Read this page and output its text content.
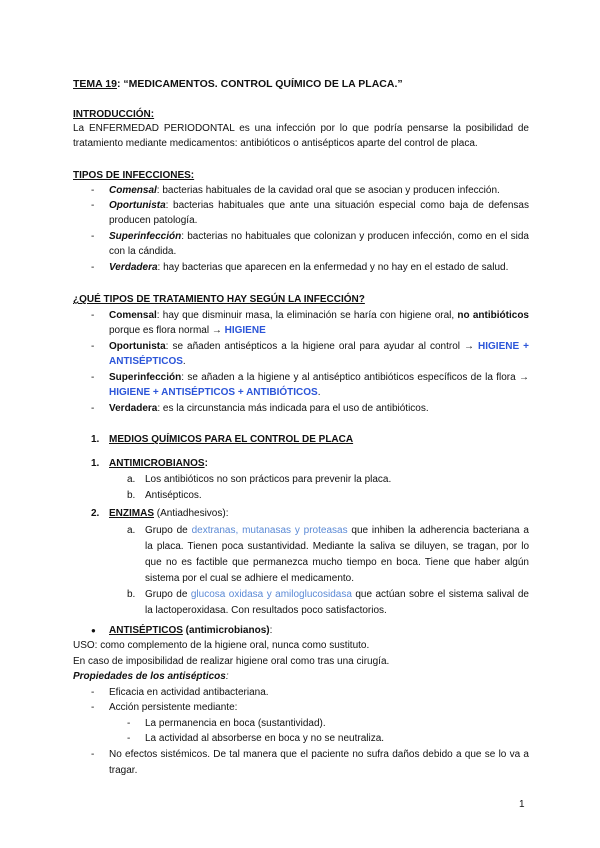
TEMA 19: “MEDICAMENTOS. CONTROL QUÍMICO DE LA PLACA.”
INTRODUCCIÓN:
La ENFERMEDAD PERIODONTAL es una infección por lo que podría pensarse la posibilidad de
tratamiento mediante medicamentos: antibióticos o antisépticos aparte del control de placa.
TIPOS DE INFECCIONES:
- Comensal: bacterias habituales de la cavidad oral que se asocian y producen infección.
- Oportunista: bacterias habituales que ante una situación especial como baja de defensas
producen patología.
- Superinfección: bacterias no habituales que colonizan y producen infección, como en el sida
con la cándida.
- Verdadera: hay bacterias que aparecen en la enfermedad y no hay en el estado de salud.
¿QUÉ TIPOS DE TRATAMIENTO HAY SEGÚN LA INFECCIÓN?
- Comensal: hay que disminuir masa, la eliminación se haría con higiene oral, no antibióticos
porque es flora normal → HIGIENE
- Oportunista: se añaden antisépticos a la higiene oral para ayudar al control → HIGIENE +
ANTISÉPTICOS.
- Superinfección: se añaden a la higiene y al antiséptico antibióticos específicos de la flora →
HIGIENE + ANTISÉPTICOS + ANTIBIÓTICOS.
- Verdadera: es la circunstancia más indicada para el uso de antibióticos.
1. MEDIOS QUÍMICOS PARA EL CONTROL DE PLACA
1. ANTIMICROBIANOS:
a. Los antibióticos no son prácticos para prevenir la placa.
b. Antisépticos.
2. ENZIMAS (Antiadhesivos):
a. Grupo de dextranas, mutanasas y proteasas que inhiben la adherencia bacteriana a
la placa. Tienen poca sustantividad. Mediante la saliva se diluyen, se tragan, por lo
que no es factible que permanezca mucho tiempo en boca. Tiene que haber algún
sistema por el cual se adhiere el medicamento.
b. Grupo de glucosa oxidasa y amiloglucosidasa que actúan sobre el sistema salival de
la lactoperoxidasa. Con resultados poco satisfactorios.
● ANTISÉPTICOS (antimicrobianos):
USO: como complemento de la higiene oral, nunca como sustituto.
En caso de imposibilidad de realizar higiene oral como tras una cirugía.
Propiedades de los antisépticos:
- Eficacia en actividad antibacteriana.
- Acción persistente mediante:
- La permanencia en boca (sustantividad).
- La actividad al absorberse en boca y no se neutraliza.
- No efectos sistémicos. De tal manera que el paciente no sufra daños debido a que se lo va a
tragar.
1
